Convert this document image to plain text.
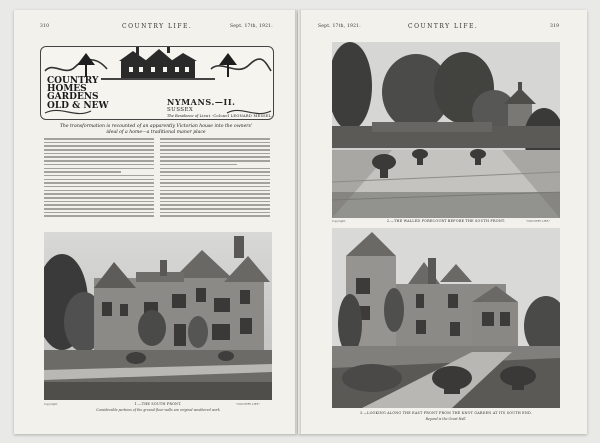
310	COUNTRY LIFE.	Sept. 17th, 1921.
COUNTRY
HOMES
GARDENS
OLD & NEW	NYMANS.—II.
SUSSEX
The Residence of Lieut.-Colonel LEONARD MESSEL.
The transformation is recounted of an apparently Victorian house into the owners' ideal of a home—a traditional manor place
Copyright.	1.—THE SOUTH FRONT.	"COUNTRY LIFE."
Considerable portions of the ground floor walls are original weathered work
Sept. 17th, 1921.	COUNTRY LIFE.	319
Copyright.	2.—THE WALLED FORECOURT BEFORE THE SOUTH FRONT.	"COUNTRY LIFE."
3.—LOOKING ALONG THE EAST FRONT FROM THE KNOT GARDEN AT ITS SOUTH END.
Beyond is the Great Hall.
